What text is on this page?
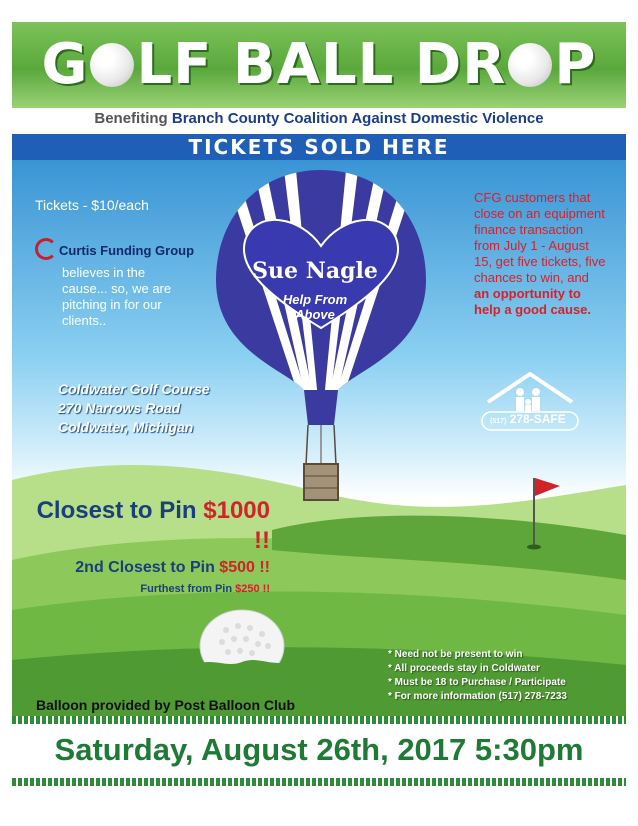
G LF BALL DR P
Benefiting Branch County Coalition Against Domestic Violence
TICKETS SOLD HERE
Tickets - $10/each
Curtis Funding Group
believes in the cause... so, we are pitching in for our clients..
Coldwater Golf Course
270 Narrows Road
Coldwater, Michigan
CFG customers that close on an equipment finance transaction from July 1 - August 15, get five tickets, five chances to win, and an opportunity to help a good cause.
(517) 278-SAFE
Sue Nagle
Help From
Above
Closest to Pin $1000 !!
2nd Closest to Pin $500 !!
Furthest from Pin $250 !!
* Need not be present to win
* All proceeds stay in Coldwater
* Must be 18 to Purchase / Participate
* For more information (517) 278-7233
Balloon provided by Post Balloon Club
Saturday, August 26th, 2017 5:30pm
